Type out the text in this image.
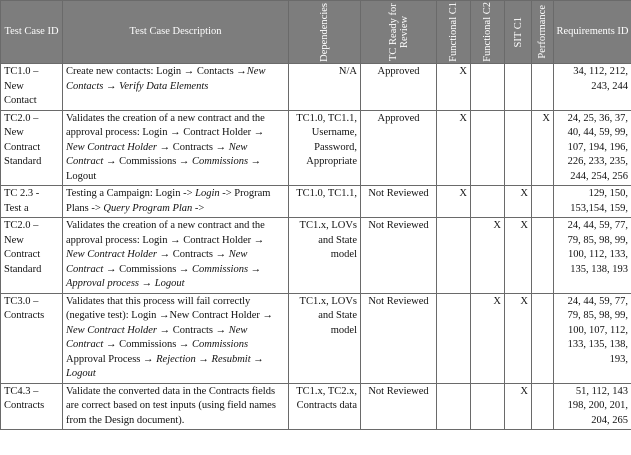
Test Case ID	Test Case Description	Dependencies	TC Ready for Review	Functional C1	Functional C2	SIT C1	Performance	Requirements ID
TC1.0 – New Contact	Create new contacts: Login → Contacts →New Contacts → Verify Data Elements	N/A	Approved	X				34, 112, 212, 243, 244
TC2.0 – New Contract Standard	Validates the creation of a new contract and the approval process: Login → Contract Holder → New Contract Holder → Contracts → New Contract → Commissions → Commissions → Logout	TC1.0, TC1.1, Username, Password, Appropriate	Approved	X			X	24, 25, 36, 37, 40, 44, 59, 99, 107, 194, 196, 226, 233, 235, 244, 254, 256
TC 2.3 - Test a	Testing a Campaign: Login -> Login -> Program Plans -> Query Program Plan ->	TC1.0, TC1.1,	Not Reviewed	X		X		129, 150, 153,154, 159,
TC2.0 – New Contract Standard	Validates the creation of a new contract and the approval process: Login → Contract Holder → New Contract Holder → Contracts → New Contract → Commissions → Commissions → Approval process → Logout	TC1.x, LOVs and State model	Not Reviewed		X	X		24, 44, 59, 77, 79, 85, 98, 99, 100, 112, 133, 135, 138, 193
TC3.0 – Contracts	Validates that this process will fail correctly (negative test): Login →New Contract Holder → New Contract Holder → Contracts → New Contract → Commissions → Commissions Approval Process → Rejection → Resubmit → Logout	TC1.x, LOVs and State model	Not Reviewed		X	X		24, 44, 59, 77, 79, 85, 98, 99, 100, 107, 112, 133, 135, 138, 193,
TC4.3 – Contracts	Validate the converted data in the Contracts fields are correct based on test inputs (using field names from the Design document).	TC1.x, TC2.x, Contracts data	Not Reviewed			X		51, 112, 143 198, 200, 201, 204, 265
